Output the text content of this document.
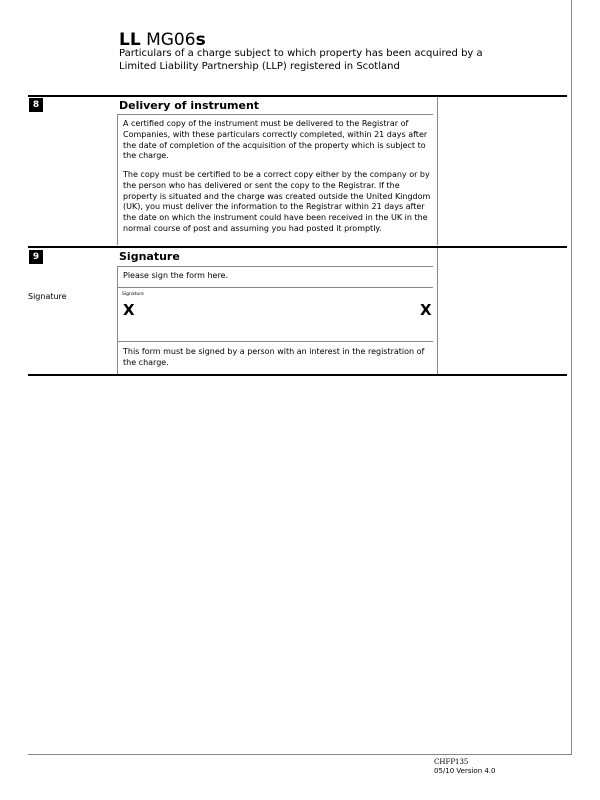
LL MG06s
Particulars of a charge subject to which property has been acquired by a Limited Liability Partnership (LLP) registered in Scotland
8	Delivery of instrument
A certified copy of the instrument must be delivered to the Registrar of Companies, with these particulars correctly completed, within 21 days after the date of completion of the acquisition of the property which is subject to the charge.
The copy must be certified to be a correct copy either by the company or by the person who has delivered or sent the copy to the Registrar. If the property is situated and the charge was created outside the United Kingdom (UK), you must deliver the information to the Registrar within 21 days after the date on which the instrument could have been received in the UK in the normal course of post and assuming you had posted it promptly.
9	Signature
Please sign the form here.
Signature	Signature
X	X
This form must be signed by a person with an interest in the registration of the charge.
CHFP135
05/10 Version 4.0
